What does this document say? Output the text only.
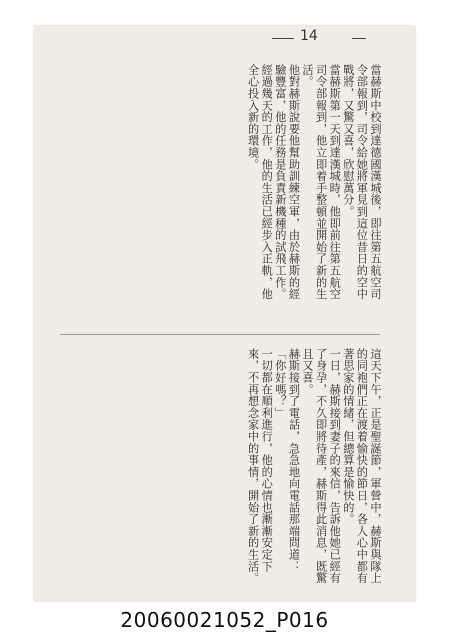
14

當赫斯中校到達德國漢城後，即往第五航空司令部報到，司令給她將軍見到這位昔日的空中戰將，又驚又喜，欣慰萬分。

當赫斯第一天到達漢城時，他即前往第五航空司令部報到，他立即着手整頓並開始了新的生活。

他對赫斯說要他幫助訓練空軍，由於赫斯的經驗豐富，他的任務是負責新機種的試飛工作。

經過幾天的工作，他的生活已經步入正軌，他全心投入新的環境。

這天下午，正是聖誕節，軍營中，赫斯與隊上的同袍們正在渡着愉快的節日，各人心中都有著思家的情緒，但總算是愉快的。

一日，赫斯接到妻子的來信，告訴他她已經有了身孕，不久即將待產，赫斯得此消息，既驚且又喜。

赫斯接到了電話，急急地向電話那端問道：「你好嗎？」

一切都在順利進行，他的心情也漸漸安定下來，不再想念家中的事情，開始了新的生活。

20060021052_P016
